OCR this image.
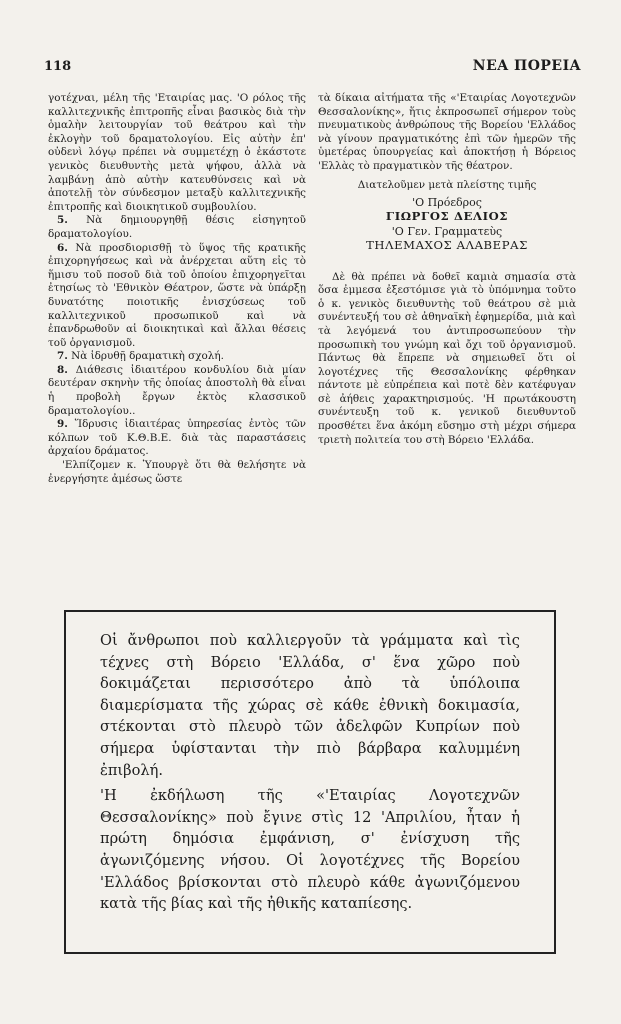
118	ΝΕΑ ΠΟΡΕΙΑ

γοτέχναι, μέλη τῆς 'Εταιρίας μας. 'Ο ρόλος τῆς καλλιτεχνικῆς ἐπιτροπῆς εἶναι βασικὸς διὰ τὴν ὁμαλὴν λειτουργίαν τοῦ θεάτρου καὶ τὴν ἐκλογὴν τοῦ δραματολογίου. Εἰς αὐτὴν ἐπ' οὐδενὶ λόγῳ πρέπει νὰ συμμετέχῃ ὁ ἑκάστοτε γενικὸς διευθυντὴς μετὰ ψήφου, ἀλλὰ νὰ λαμβάνῃ ἀπὸ αὐτὴν κατευθύνσεις καὶ νὰ ἀποτελῇ τὸν σύνδεσμον μεταξὺ καλλιτεχνικῆς ἐπιτροπῆς καὶ διοικητικοῦ συμβουλίου.

5. Νὰ δημιουργηθῇ θέσις εἰσηγητοῦ δραματολογίου.

6. Νὰ προσδιορισθῇ τὸ ὕψος τῆς κρατικῆς ἐπιχορηγήσεως καὶ νὰ ἀνέρχεται αὕτη εἰς τὸ ἥμισυ τοῦ ποσοῦ διὰ τοῦ ὁποίου ἐπιχορηγεῖται ἐτησίως τὸ 'Εθνικὸν Θέατρον, ὥστε νὰ ὑπάρξῃ δυνατότης ποιοτικῆς ἐνισχύσεως τοῦ καλλιτεχνικοῦ προσωπικοῦ καὶ νὰ ἐπανδρωθοῦν αἱ διοικητικαὶ καὶ ἄλλαι θέσεις τοῦ ὀργανισμοῦ.

7. Νὰ ἱδρυθῇ δραματικὴ σχολή.

8. Διάθεσις ἰδιαιτέρου κονδυλίου διὰ μίαν δευτέραν σκηνὴν τῆς ὁποίας ἀποστολὴ θὰ εἶναι ἡ προβολὴ ἔργων ἐκτὸς κλασσικοῦ δραματολογίου..

9. Ἵδρυσις ἰδιαιτέρας ὑπηρεσίας ἐντὸς τῶν κόλπων τοῦ Κ.Θ.Β.Ε. διὰ τὰς παραστάσεις ἀρχαίου δράματος.

'Ελπίζομεν κ. Ὑπουργὲ ὅτι θὰ θελήσητε νὰ ἐνεργήσητε ἀμέσως ὥστε

τὰ δίκαια αἰτήματα τῆς «'Εταιρίας Λογοτεχνῶν Θεσσαλονίκης», ἥτις ἐκπροσωπεῖ σήμερον τοὺς πνευματικοὺς ἀνθρώπους τῆς Βορείου 'Ελλάδος νὰ γίνουν πραγματικότης ἐπὶ τῶν ἡμερῶν τῆς ὑμετέρας ὑπουργείας καὶ ἀποκτήσῃ ἡ Βόρειος 'Ελλὰς τὸ πραγματικὸν τῆς θέατρον.

Διατελοῦμεν μετὰ πλείστης τιμῆς

'Ο Πρόεδρος

ΓΙΩΡΓΟΣ ΔΕΛΙΟΣ

'Ο Γεν. Γραμματεὺς

ΤΗΛΕΜΑΧΟΣ ΑΛΑΒΕΡΑΣ

Δὲ θὰ πρέπει νὰ δοθεῖ καμιὰ σημασία στὰ ὅσα ἐμμεσα ἐξεστόμισε γιὰ τὸ ὑπόμνημα τοῦτο ὁ κ. γενικὸς διευθυντὴς τοῦ θεάτρου σὲ μιὰ συνέντευξή του σὲ ἀθηναϊκὴ ἐφημερίδα, μιὰ καὶ τὰ λεγόμενά του ἀντιπροσωπεύουν τὴν προσωπικὴ του γνώμη καὶ ὄχι τοῦ ὀργανισμοῦ. Πάντως θὰ ἔπρεπε νὰ σημειωθεῖ ὅτι οἱ λογοτέχνες τῆς Θεσσαλονίκης φέρθηκαν πάντοτε μὲ εὐπρέπεια καὶ ποτὲ δὲν κατέφυγαν σὲ ἀήθεις χαρακτηρισμούς. 'Η πρωτάκουστη συνέντευξη τοῦ κ. γενικοῦ διευθυντοῦ προσθέτει ἕνα ἀκόμη εὔσημο στὴ μέχρι σήμερα τριετὴ πολιτεία του στὴ Βόρειο 'Ελλάδα.

Οἱ ἄνθρωποι ποὺ καλλιεργοῦν τὰ γράμματα καὶ τὶς τέχνες στὴ Βόρειο 'Ελλάδα, σ' ἕνα χῶρο ποὺ δοκιμάζεται περισσότερο ἀπὸ τὰ ὑπόλοιπα διαμερίσματα τῆς χώρας σὲ κάθε ἐθνικὴ δοκιμασία, στέκονται στὸ πλευρὸ τῶν ἀδελφῶν Κυπρίων ποὺ σήμερα ὑφίστανται τὴν πιὸ βάρβαρα καλυμμένη ἐπιβολή.

'Η ἐκδήλωση τῆς «'Εταιρίας Λογοτεχνῶν Θεσσαλονίκης» ποὺ ἔγινε στὶς 12 'Απριλίου, ἦταν ἡ πρώτη δημόσια ἐμφάνιση, σ' ἐνίσχυση τῆς ἀγωνιζόμενης νήσου. Οἱ λογοτέχνες τῆς Βορείου 'Ελλάδος βρίσκονται στὸ πλευρὸ κάθε ἀγωνιζόμενου κατὰ τῆς βίας καὶ τῆς ἠθικῆς καταπίεσης.
